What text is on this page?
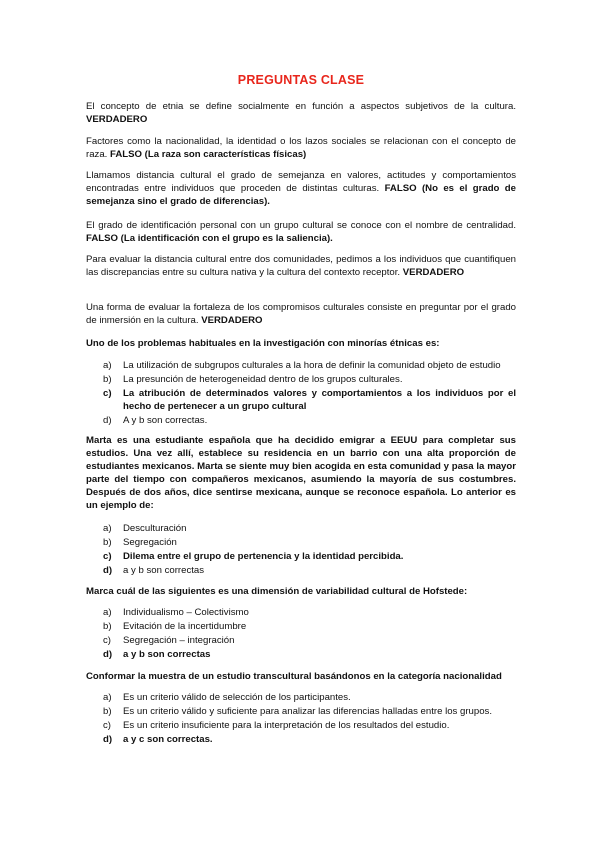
PREGUNTAS CLASE
El concepto de etnia se define socialmente en función a aspectos subjetivos de la cultura. VERDADERO
Factores como la nacionalidad, la identidad o los lazos sociales se relacionan con el concepto de raza. FALSO (La raza son características físicas)
Llamamos distancia cultural el grado de semejanza en valores, actitudes y comportamientos encontradas entre individuos que proceden de distintas culturas. FALSO (No es el grado de semejanza sino el grado de diferencias).
El grado de identificación personal con un grupo cultural se conoce con el nombre de centralidad. FALSO (La identificación con el grupo es la saliencia).
Para evaluar la distancia cultural entre dos comunidades, pedimos a los individuos que cuantifiquen las discrepancias entre su cultura nativa y la cultura del contexto receptor. VERDADERO
Una forma de evaluar la fortaleza de los compromisos culturales consiste en preguntar por el grado de inmersión en la cultura. VERDADERO
Uno de los problemas habituales en la investigación con minorías étnicas es:
a) La utilización de subgrupos culturales a la hora de definir la comunidad objeto de estudio
b) La presunción de heterogeneidad dentro de los grupos culturales.
c) La atribución de determinados valores y comportamientos a los individuos por el hecho de pertenecer a un grupo cultural
d) A y b son correctas.
Marta es una estudiante española que ha decidido emigrar a EEUU para completar sus estudios. Una vez allí, establece su residencia en un barrio con una alta proporción de estudiantes mexicanos. Marta se siente muy bien acogida en esta comunidad y pasa la mayor parte del tiempo con compañeros mexicanos, asumiendo la mayoría de sus costumbres. Después de dos años, dice sentirse mexicana, aunque se reconoce española. Lo anterior es un ejemplo de:
a) Desculturación
b) Segregación
c) Dilema entre el grupo de pertenencia y la identidad percibida.
d) a y b son correctas
Marca cuál de las siguientes es una dimensión de variabilidad cultural de Hofstede:
a) Individualismo – Colectivismo
b) Evitación de la incertidumbre
c) Segregación – integración
d) a y b son correctas
Conformar la muestra de un estudio transcultural basándonos en la categoría nacionalidad
a) Es un criterio válido de selección de los participantes.
b) Es un criterio válido y suficiente para analizar las diferencias halladas entre los grupos.
c) Es un criterio insuficiente para la interpretación de los resultados del estudio.
d) a y c son correctas.
